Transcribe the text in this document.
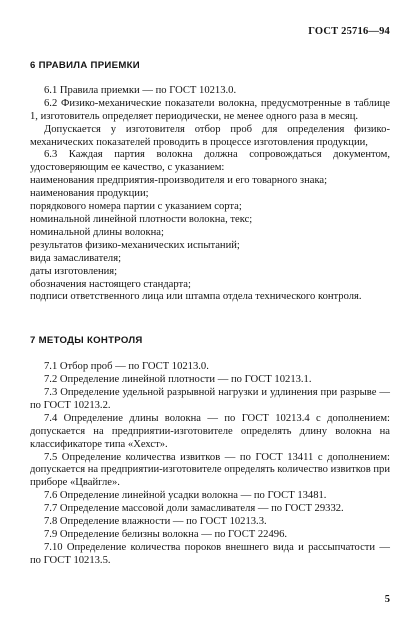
ГОСТ 25716—94
6 ПРАВИЛА ПРИЕМКИ

6.1 Правила приемки — по ГОСТ 10213.0.

6.2 Физико-механические показатели волокна, предусмотренные в таблице 1, изготовитель определяет периодически, не менее одного раза в месяц.

Допускается у изготовителя отбор проб для определения физико-механических показателей проводить в процессе изготовления продукции,

6.3 Каждая партия волокна должна сопровождаться документом, удостоверяющим ее качество, с указанием:

наименования предприятия-производителя и его товарного знака;

наименования продукции;

порядкового номера партии с указанием сорта;

номинальной линейной плотности волокна, текс;

номинальной длины волокна;

результатов физико-механических испытаний;

вида замасливателя;

даты изготовления;

обозначения настоящего стандарта;

подписи ответственного лица или штампа отдела технического контроля.

7 МЕТОДЫ КОНТРОЛЯ

7.1 Отбор проб — по ГОСТ 10213.0.

7.2 Определение линейной плотности — по ГОСТ 10213.1.

7.3 Определение удельной разрывной нагрузки и удлинения при разрыве — по ГОСТ 10213.2.

7.4 Определение длины волокна — по ГОСТ 10213.4 с дополнением: допускается на предприятии-изготовителе определять длину волокна на классификаторе типа «Хехст».

7.5 Определение количества извитков — по ГОСТ 13411 с дополнением: допускается на предприятии-изготовителе определять количество извитков при приборе «Цвайгле».

7.6 Определение линейной усадки волокна — по ГОСТ 13481.

7.7 Определение массовой доли замасливателя — по ГОСТ 29332.

7.8 Определение влажности — по ГОСТ 10213.3.

7.9 Определение белизны волокна — по ГОСТ 22496.

7.10 Определение количества пороков внешнего вида и рассыпчатости — по ГОСТ 10213.5.

5
